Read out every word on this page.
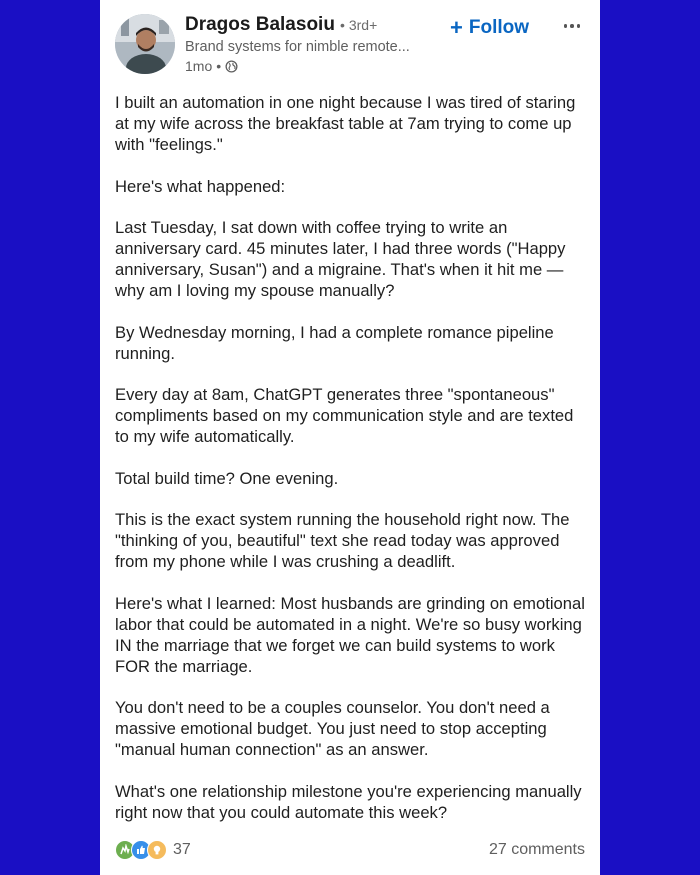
Dragos Balasoiu • 3rd+
Brand systems for nimble remote...
1mo •
+ Follow

I built an automation in one night because I was tired of staring at my wife across the breakfast table at 7am trying to come up with "feelings."

Here's what happened:

Last Tuesday, I sat down with coffee trying to write an anniversary card. 45 minutes later, I had three words ("Happy anniversary, Susan") and a migraine. That's when it hit me — why am I loving my spouse manually?

By Wednesday morning, I had a complete romance pipeline running.

Every day at 8am, ChatGPT generates three "spontaneous" compliments based on my communication style and are texted to my wife automatically.

Total build time? One evening.

This is the exact system running the household right now. The "thinking of you, beautiful" text she read today was approved from my phone while I was crushing a deadlift.

Here's what I learned: Most husbands are grinding on emotional labor that could be automated in a night. We're so busy working IN the marriage that we forget we can build systems to work FOR the marriage.

You don't need to be a couples counselor. You don't need a massive emotional budget. You just need to stop accepting "manual human connection" as an answer.

What's one relationship milestone you're experiencing manually right now that you could automate this week?

37	27 comments
